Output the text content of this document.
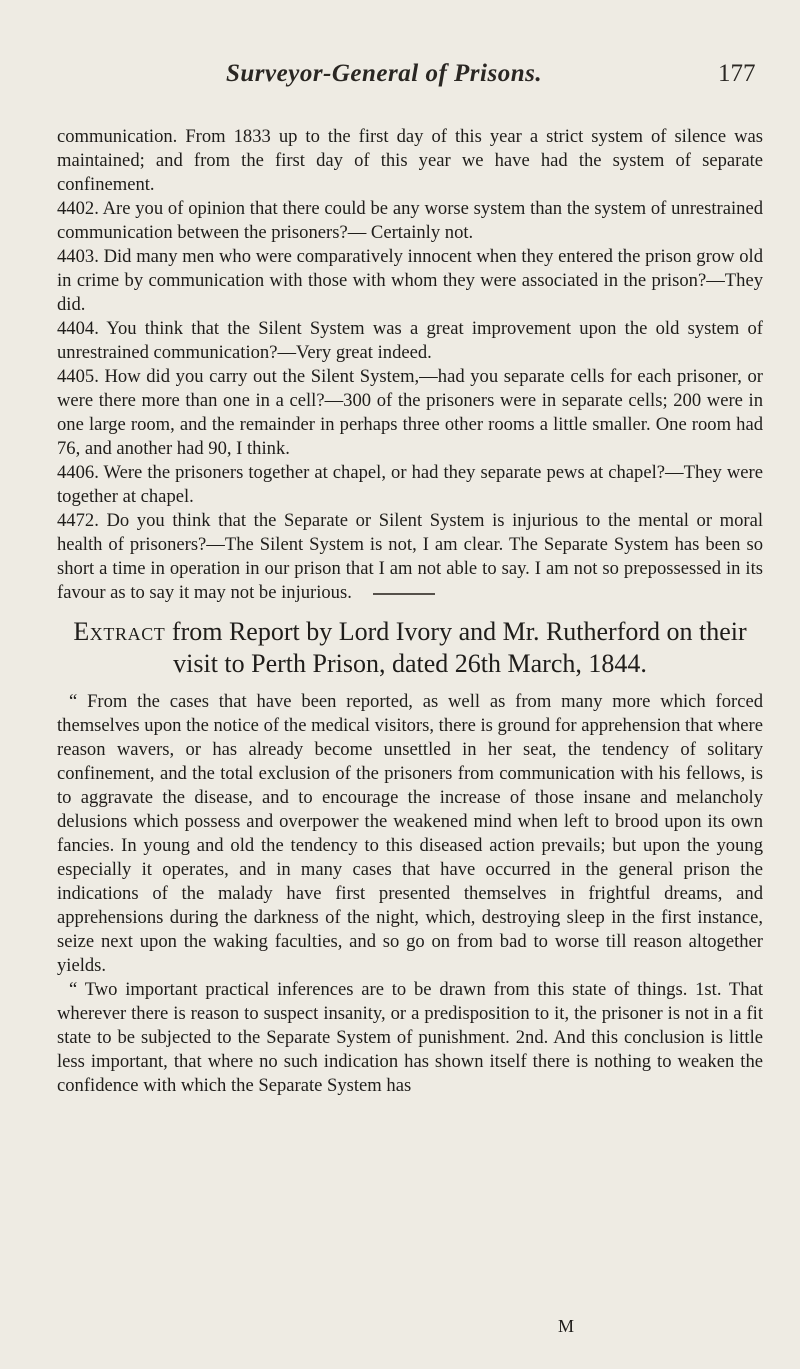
Surveyor-General of Prisons.	177

communication. From 1833 up to the first day of this year a strict system of silence was maintained; and from the first day of this year we have had the system of separate confinement.

4402. Are you of opinion that there could be any worse system than the system of unrestrained communication between the prisoners?— Certainly not.

4403. Did many men who were comparatively innocent when they entered the prison grow old in crime by communication with those with whom they were associated in the prison?—They did.

4404. You think that the Silent System was a great improvement upon the old system of unrestrained communication?—Very great indeed.

4405. How did you carry out the Silent System,—had you separate cells for each prisoner, or were there more than one in a cell?—300 of the prisoners were in separate cells; 200 were in one large room, and the remainder in perhaps three other rooms a little smaller. One room had 76, and another had 90, I think.

4406. Were the prisoners together at chapel, or had they separate pews at chapel?—They were together at chapel.

4472. Do you think that the Separate or Silent System is injurious to the mental or moral health of prisoners?—The Silent System is not, I am clear. The Separate System has been so short a time in operation in our prison that I am not able to say. I am not so prepossessed in its favour as to say it may not be injurious.

Extract from Report by Lord Ivory and Mr. Rutherford on their visit to Perth Prison, dated 26th March, 1844.

“ From the cases that have been reported, as well as from many more which forced themselves upon the notice of the medical visitors, there is ground for apprehension that where reason wavers, or has already become unsettled in her seat, the tendency of solitary confinement, and the total exclusion of the prisoners from communication with his fellows, is to aggravate the disease, and to encourage the increase of those insane and melancholy delusions which possess and overpower the weakened mind when left to brood upon its own fancies. In young and old the tendency to this diseased action prevails; but upon the young especially it operates, and in many cases that have occurred in the general prison the indications of the malady have first presented themselves in frightful dreams, and apprehensions during the darkness of the night, which, destroying sleep in the first instance, seize next upon the waking faculties, and so go on from bad to worse till reason altogether yields.

“ Two important practical inferences are to be drawn from this state of things. 1st. That wherever there is reason to suspect insanity, or a predisposition to it, the prisoner is not in a fit state to be subjected to the Separate System of punishment. 2nd. And this conclusion is little less important, that where no such indication has shown itself there is nothing to weaken the confidence with which the Separate System has

M
